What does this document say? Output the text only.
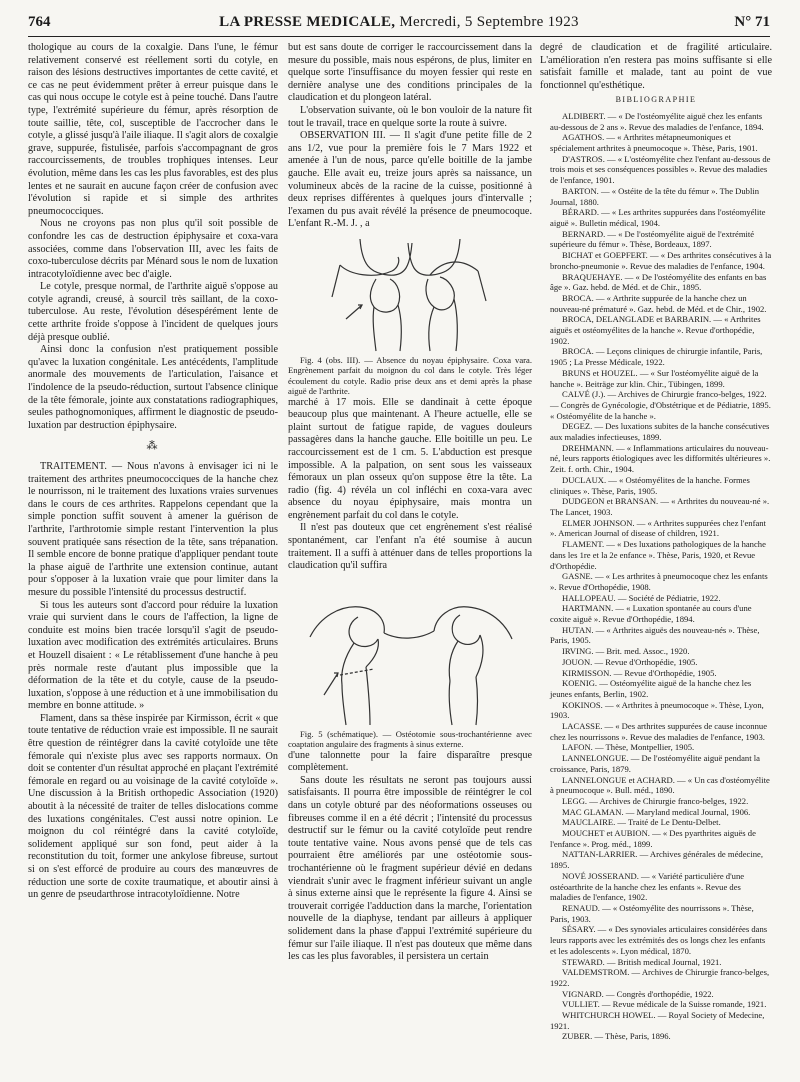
764	LA PRESSE MEDICALE, Mercredi, 5 Septembre 1923	N° 71

thologique au cours de la coxalgie. Dans l'une, le fémur relativement conservé est réellement sorti du cotyle, en raison des lésions destructives importantes de cette cavité, et ce cas ne peut évidemment prêter à erreur puisque dans le cas qui nous occupe le cotyle est à peine touché. Dans l'autre type, l'extrémité supérieure du fémur, après résorption de toute saillie, tête, col, susceptible de l'accrocher dans le cotyle, a glissé jusqu'à l'aile iliaque. Il s'agit alors de coxalgie grave, suppurée, fistulisée, parfois s'accompagnant de gros raccourcissements, de troubles trophiques intenses. Leur évolution, même dans les cas les plus favorables, est des plus lentes et ne saurait en aucune façon créer de confusion avec l'évolution si rapide et si simple des arthrites pneumococciques.

Nous ne croyons pas non plus qu'il soit possible de confondre les cas de destruction épiphysaire et coxa-vara associées, comme dans l'observation III, avec les faits de coxo-tuberculose décrits par Ménard sous le nom de luxation intracotyloïdienne avec bec d'aigle.

Le cotyle, presque normal, de l'arthrite aiguë s'oppose au cotyle agrandi, creusé, à sourcil très saillant, de la coxo-tuberculose. Au reste, l'évolution désespérément lente de cette arthrite froide s'oppose à l'incident de quelques jours déjà presque oublié.

Ainsi donc la confusion n'est pratiquement possible qu'avec la luxation congénitale. Les antécédents, l'amplitude anormale des mouvements de l'articulation, l'aisance et l'indolence de la pseudo-réduction, surtout l'absence clinique de la tête fémorale, jointe aux constatations radiographiques, seules pathognomoniques, affirment le diagnostic de pseudo-luxation par destruction épiphysaire.

⁂

TRAITEMENT. — Nous n'avons à envisager ici ni le traitement des arthrites pneumococciques de la hanche chez le nourrisson, ni le traitement des luxations vraies survenues dans le cours de ces arthrites. Rappelons cependant que la simple ponction suffit souvent à amener la guérison de l'arthrite, l'arthrotomie simple restant l'intervention la plus souvent pratiquée sans résection de la tête, sans trépanation. Il semble encore de bonne pratique d'appliquer pendant toute la phase aiguë de l'arthrite une extension continue, autant pour s'opposer à la luxation vraie que pour limiter dans la mesure du possible l'intensité du processus destructif.

Si tous les auteurs sont d'accord pour réduire la luxation vraie qui survient dans le cours de l'affection, la ligne de conduite est moins bien tracée lorsqu'il s'agit de pseudo-luxation avec modification des extrémités articulaires. Bruns et Houzell disaient : « Le rétablissement d'une hanche à peu près normale reste d'autant plus impossible que la déformation de la tête et du cotyle, cause de la pseudo-luxation, s'oppose à une réduction et à une immobilisation du membre en bonne attitude. »

Flament, dans sa thèse inspirée par Kirmisson, écrit « que toute tentative de réduction vraie est impossible. Il ne saurait être question de réintégrer dans la cavité cotyloïde une tête fémorale qui n'existe plus avec ses rapports normaux. On doit se contenter d'un résultat approché en plaçant l'extrémité fémorale en regard ou au voisinage de la cavité cotyloïde ». Une discussion à la British orthopedic Association (1920) aboutit à la nécessité de traiter de telles dislocations comme des luxations congénitales. C'est aussi notre opinion. Le moignon du col réintégré dans la cavité cotyloïde, solidement appliqué sur son fond, peut aider à la reconstitution du toit, former une ankylose fibreuse, surtout si on s'est efforcé de produire au cours des manœuvres de réduction une sorte de coxite traumatique, et aboutir ainsi à un genre de pseudarthrose intracotyloïdienne. Notre

but est sans doute de corriger le raccourcissement dans la mesure du possible, mais nous espérons, de plus, limiter en quelque sorte l'insuffisance du moyen fessier qui reste en dernière analyse une des conditions principales de la claudication et du plongeon latéral.

L'observation suivante, où le bon vouloir de la nature fit tout le travail, trace en quelque sorte la route à suivre.

OBSERVATION III. — Il s'agit d'une petite fille de 2 ans 1/2, vue pour la première fois le 7 Mars 1922 et amenée à l'un de nous, parce qu'elle boitille de la jambe gauche. Elle avait eu, treize jours après sa naissance, un volumineux abcès de la racine de la cuisse, positionné à deux reprises différentes à quelques jours d'intervalle ; l'examen du pus avait révélé la présence de pneumocoque. L'enfant R.-M. J. , a

Fig. 4 (obs. III). — Absence du noyau épiphysaire. Coxa vara. Engrènement parfait du moignon du col dans le cotyle. Très léger écoulement du cotyle. Radio prise deux ans et demi après la phase aiguë de l'arthrite.

marché à 17 mois. Elle se dandinait à cette époque beaucoup plus que maintenant. A l'heure actuelle, elle se plaint surtout de fatigue rapide, de vagues douleurs passagères dans la hanche gauche. Elle boitille un peu. Le raccourcissement est de 1 cm. 5. L'abduction est presque impossible. A la palpation, on sent sous les vaisseaux fémoraux un plan osseux qu'on suppose être la tête. La radio (fig. 4) révéla un col infléchi en coxa-vara avec absence du noyau épiphysaire, mais montra un engrènement parfait du col dans le cotyle.

Il n'est pas douteux que cet engrènement s'est réalisé spontanément, car l'enfant n'a été soumise à aucun traitement. Il a suffi à atténuer dans de telles proportions la claudication qu'il suffira

Fig. 5 (schématique). — Ostéotomie sous-trochantérienne avec coaptation angulaire des fragments à sinus externe.

d'une talonnette pour la faire disparaître presque complètement.

Sans doute les résultats ne seront pas toujours aussi satisfaisants. Il pourra être impossible de réintégrer le col dans un cotyle obturé par des néoformations osseuses ou fibreuses comme il en a été décrit ; l'intensité du processus destructif sur le fémur ou la cavité cotyloïde peut rendre toute tentative vaine. Nous avons pensé que de tels cas pourraient être améliorés par une ostéotomie sous-trochantérienne où le fragment supérieur dévié en dedans viendrait s'unir avec le fragment inférieur suivant un angle à sinus externe ainsi que le représente la figure 4. Ainsi se trouverait corrigée l'adduction dans la marche, l'orientation nouvelle de la diaphyse, tendant par ailleurs à appliquer solidement dans la phase d'appui l'extrémité supérieure du fémur sur l'aile iliaque. Il n'est pas douteux que même dans les cas les plus favorables, il persistera un certain

degré de claudication et de fragilité articulaire. L'amélioration n'en restera pas moins suffisante si elle satisfait famille et malade, tant au point de vue fonctionnel qu'esthétique.

BIBLIOGRAPHIE

ALDIBERT. — « De l'ostéomyélite aiguë chez les enfants au-dessous de 2 ans ». Revue des maladies de l'enfance, 1894.

AGATHOS. — « Arthrites métapneumoniques et spécialement arthrites à pneumocoque ». Thèse, Paris, 1901.

D'ASTROS. — « L'ostéomyélite chez l'enfant au-dessous de trois mois et ses conséquences possibles ». Revue des maladies de l'enfance, 1901.

BARTON. — « Ostéite de la tête du fémur ». The Dublin Journal, 1880.

BÉRARD. — « Les arthrites suppurées dans l'ostéomyélite aiguë ». Bulletin médical, 1904.

BERNARD. — « De l'ostéomyélite aiguë de l'extrémité supérieure du fémur ». Thèse, Bordeaux, 1897.

BICHAT et GOEPFERT. — « Des arthrites consécutives à la broncho-pneumonie ». Revue des maladies de l'enfance, 1904.

BRAQUEHAYE. — « De l'ostéomyélite des enfants en bas âge ». Gaz. hebd. de Méd. et de Chir., 1895.

BROCA. — « Arthrite suppurée de la hanche chez un nouveau-né prématuré ». Gaz. hebd. de Méd. et de Chir., 1902.

BROCA, DELANGLADE et BARBARIN. — « Arthrites aiguës et ostéomyélites de la hanche ». Revue d'orthopédie, 1902.

BROCA. — Leçons cliniques de chirurgie infantile, Paris, 1905 ; La Presse Médicale, 1922.

BRUNS et HOUZEL. — « Sur l'ostéomyélite aiguë de la hanche ». Beiträge zur klin. Chir., Tübingen, 1899.

CALVÉ (J.). — Archives de Chirurgie franco-belges, 1922. — Congrès de Gynécologie, d'Obstétrique et de Pédiatrie, 1895. « Ostéomyélite de la hanche ».

DEGEZ. — Des luxations subites de la hanche consécutives aux maladies infectieuses, 1899.

DREHMANN. — « Inflammations articulaires du nouveau-né, leurs rapports étiologiques avec les difformités ultérieures ». Zeit. f. orth. Chir., 1904.

DUCLAUX. — « Ostéomyélites de la hanche. Formes cliniques ». Thèse, Paris, 1905.

DUDGEON et BRANSAN. — « Arthrites du nouveau-né ». The Lancet, 1903.

ELMER JOHNSON. — « Arthrites suppurées chez l'enfant ». American Journal of disease of children, 1921.

FLAMENT. — « Des luxations pathologiques de la hanche dans les 1re et la 2e enfance ». Thèse, Paris, 1920, et Revue d'Orthopédie.

GASNE. — « Les arthrites à pneumocoque chez les enfants ». Revue d'Orthopédie, 1908.

HALLOPEAU. — Société de Pédiatrie, 1922.

HARTMANN. — « Luxation spontanée au cours d'une coxite aiguë ». Revue d'Orthopédie, 1894.

HUTAN. — « Arthrites aiguës des nouveau-nés ». Thèse, Paris, 1905.

IRVING. — Brit. med. Assoc., 1920.

JOUON. — Revue d'Orthopédie, 1905.

KIRMISSON. — Revue d'Orthopédie, 1905.

KOENIG. — Ostéomyélite aiguë de la hanche chez les jeunes enfants, Berlin, 1902.

KOKINOS. — « Arthrites à pneumocoque ». Thèse, Lyon, 1903.

LACASSE. — « Des arthrites suppurées de cause inconnue chez les nourrissons ». Revue des maladies de l'enfance, 1903.

LAFON. — Thèse, Montpellier, 1905.

LANNELONGUE. — De l'ostéomyélite aiguë pendant la croissance, Paris, 1879.

LANNELONGUE et ACHARD. — « Un cas d'ostéomyélite à pneumocoque ». Bull. méd., 1890.

LEGG. — Archives de Chirurgie franco-belges, 1922.

MAC GLAMAN. — Maryland medical Journal, 1906.

MAUCLAIRE. — Traité de Le Dentu-Delbet.

MOUCHET et AUBION. — « Des pyarthrites aiguës de l'enfance ». Prog. méd., 1899.

NATTAN-LARRIER. — Archives générales de médecine, 1895.

NOVÉ JOSSERAND. — « Variété particulière d'une ostéoarthrite de la hanche chez les enfants ». Revue des maladies de l'enfance, 1902.

RENAUD. — « Ostéomyélite des nourrissons ». Thèse, Paris, 1903.

SÉSARY. — « Des synoviales articulaires considérées dans leurs rapports avec les extrémités des os longs chez les enfants et les adolescents ». Lyon médical, 1870.

STEWARD. — British medical Journal, 1921.

VALDEMSTROM. — Archives de Chirurgie franco-belges, 1922.

VIGNARD. — Congrès d'orthopédie, 1922.

VULLIET. — Revue médicale de la Suisse romande, 1921.

WHITCHURCH HOWEL. — Royal Society of Medecine, 1921.

ZUBER. — Thèse, Paris, 1896.
